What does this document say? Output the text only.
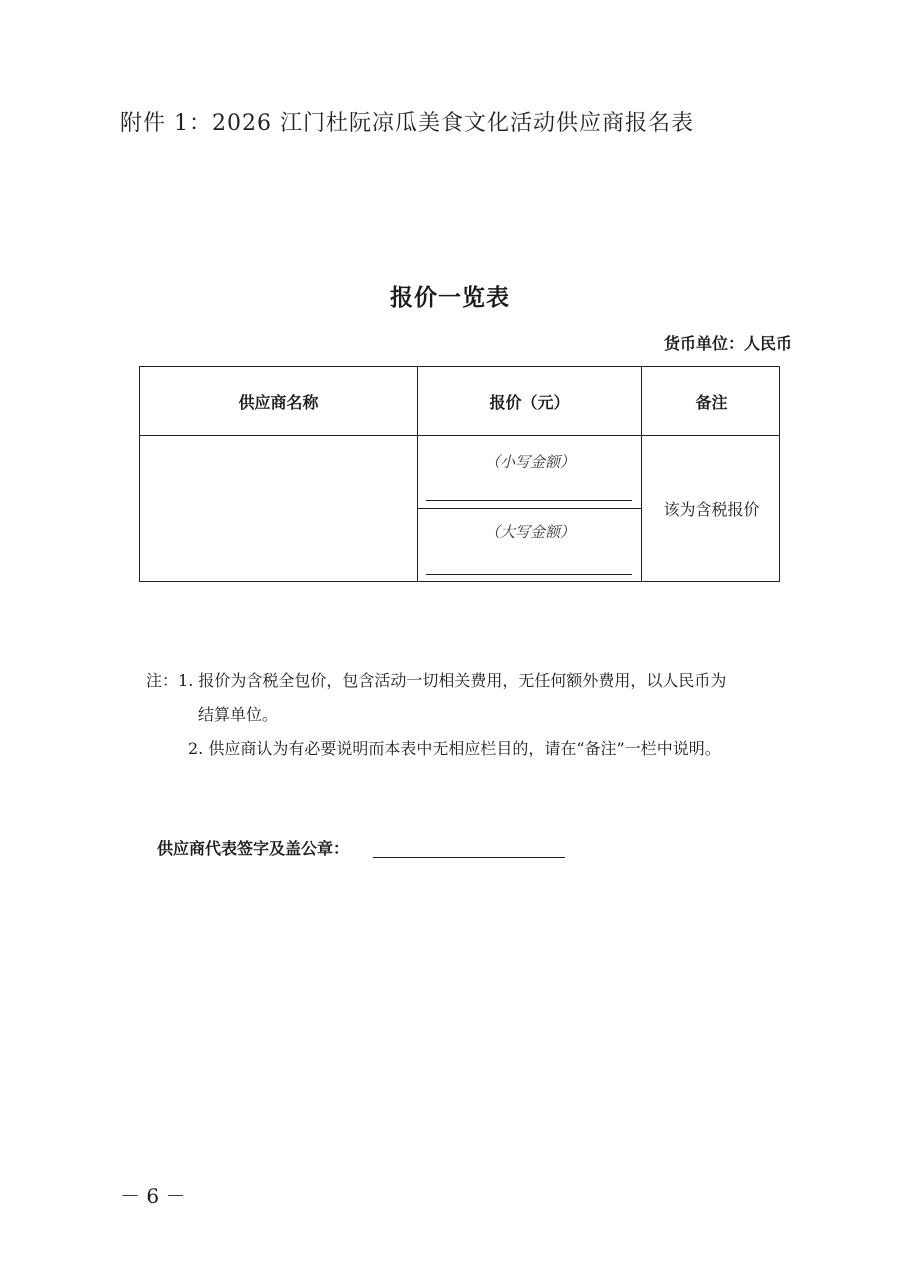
附件 1：2026 江门杜阮凉瓜美食文化活动供应商报名表
报价一览表
货币单位：人民币
供应商名称	报价（元）	备注
（小写金额）
（大写金额）
该为含税报价
注：1. 报价为含税全包价，包含活动一切相关费用，无任何额外费用，以人民币为
结算单位。
2. 供应商认为有必要说明而本表中无相应栏目的，请在“备注”一栏中说明。
供应商代表签字及盖公章：
－ 6 －
